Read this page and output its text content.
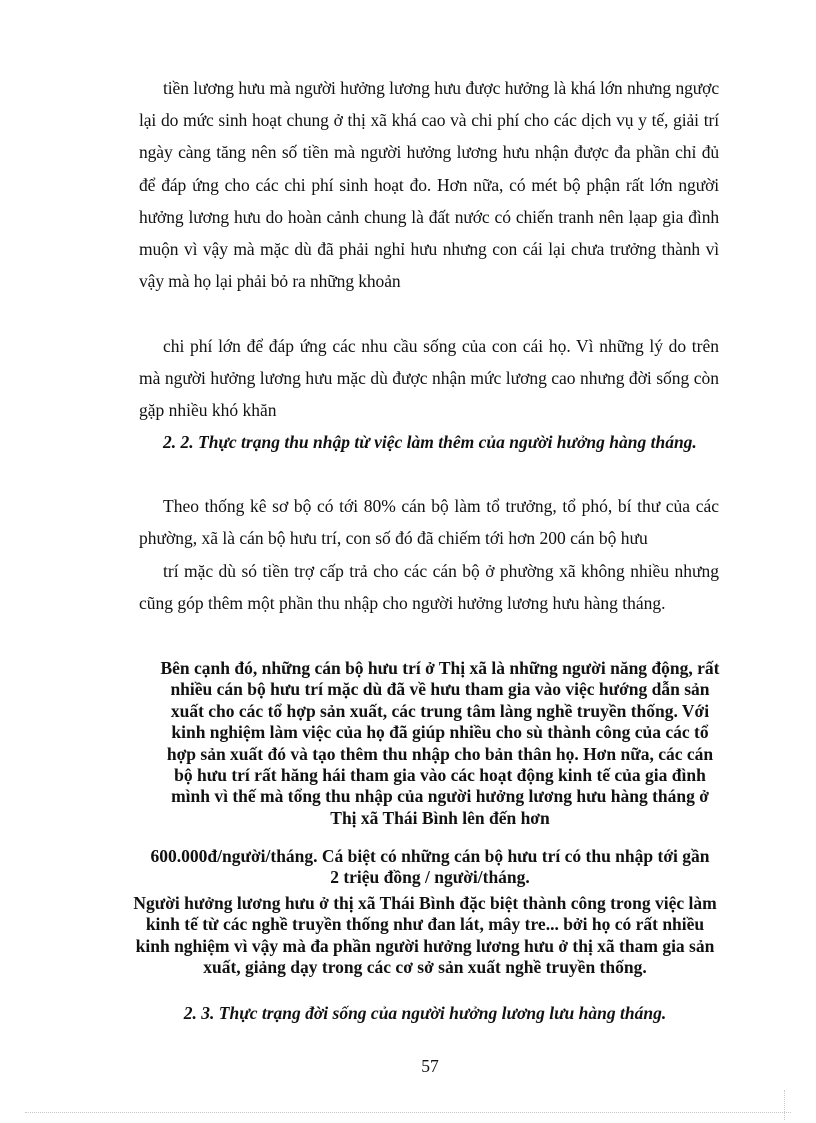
tiền lương hưu mà người hưởng lương hưu được hưởng là khá lớn nhưng ngược lại do mức sinh hoạt chung ở thị xã khá cao và chi phí cho các dịch vụ y tế, giải trí ngày càng tăng nên số tiền mà người hưởng lương hưu nhận được đa phần chỉ đủ để đáp ứng cho các chi phí sinh hoạt đo. Hơn nữa, có mét bộ phận rất lớn người hưởng lương hưu do hoàn cảnh chung là đất nước có chiến tranh nên lạap gia đình muộn vì vậy mà mặc dù đã phải nghỉ hưu nhưng con cái lại chưa trưởng thành vì vậy mà họ lại phải bỏ ra những khoản
chi phí lớn để đáp ứng các nhu cầu sống của con cái họ. Vì những lý do trên mà người hưởng lương hưu mặc dù được nhận mức lương cao nhưng đời sống còn gặp nhiều khó khăn
2. 2. Thực trạng thu nhập từ việc làm thêm của người hưởng hàng tháng.
Theo thống kê sơ bộ có tới 80% cán bộ làm tổ trưởng, tổ phó, bí thư của các phường, xã là cán bộ hưu trí, con số đó đã chiếm tới hơn 200 cán bộ hưu
trí mặc dù só tiền trợ cấp trả cho các cán bộ ở phường xã không nhiều nhưng cũng góp thêm một phần thu nhập cho người hưởng lương hưu hàng tháng.
Bên cạnh đó, những cán bộ hưu trí ở Thị xã là những người năng động, rất nhiều cán bộ hưu trí mặc dù đã về hưu tham gia vào việc hướng dẫn sản xuất cho các tổ hợp sản xuất, các trung tâm làng nghề truyền thống. Với kinh nghiệm làm việc của họ đã giúp nhiều cho sù thành công của các tổ hợp sản xuất đó và tạo thêm thu nhập cho bản thân họ. Hơn nữa, các cán bộ hưu trí rất hăng hái tham gia vào các hoạt động kinh tế của gia đình mình vì thế mà tổng thu nhập của người hưởng lương hưu hàng tháng ở Thị xã Thái Bình lên đến hơn
600.000đ/người/tháng. Cá biệt có những cán bộ hưu trí có thu nhập tới gần 2 triệu đồng / người/tháng.
Người hưởng lương hưu ở thị xã Thái Bình đặc biệt thành công trong việc làm kinh tế từ các nghề truyền thống như đan lát, mây tre... bởi họ có rất nhiều kinh nghiệm vì vậy mà đa phần người hưởng lương hưu ở thị xã tham gia sản xuất, giảng dạy trong các cơ sở sản xuất nghề truyền thống.
2. 3. Thực trạng đời sống của người hưởng lương lưu hàng tháng.
57
